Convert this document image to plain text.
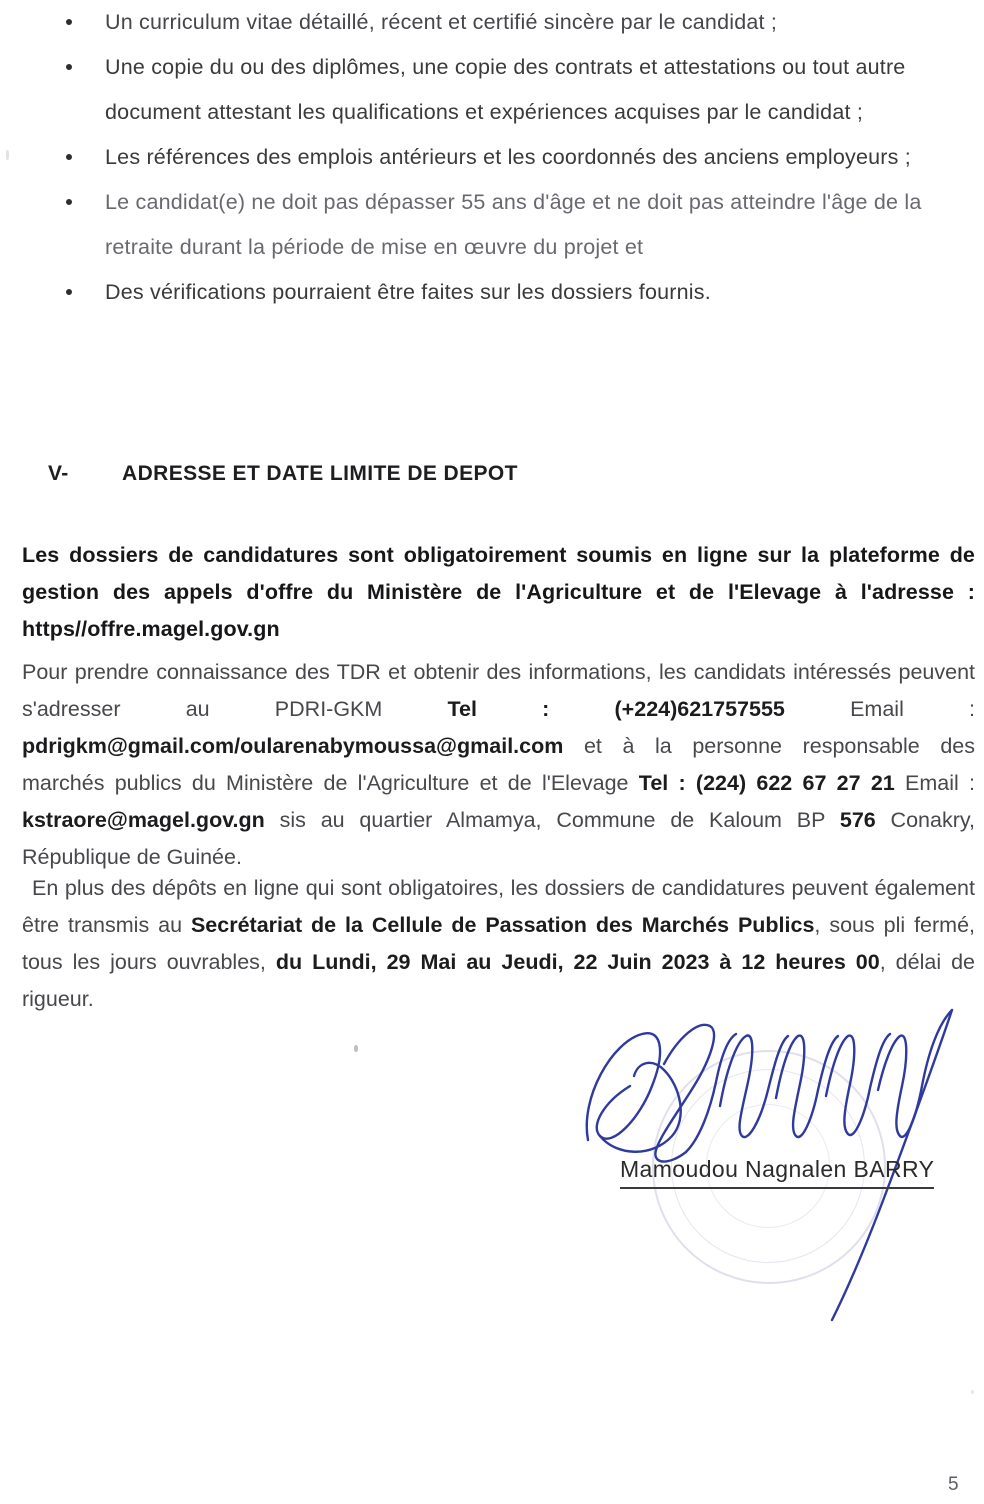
Un curriculum vitae détaillé, récent et certifié sincère par le candidat ;

Une copie du ou des diplômes, une copie des contrats et attestations ou tout autre document attestant les qualifications et expériences acquises par le candidat ;

Les références des emplois antérieurs et les coordonnés des anciens employeurs ;

Le candidat(e) ne doit pas dépasser 55 ans d'âge et ne doit pas atteindre l'âge de la retraite durant la période de mise en œuvre du projet et

Des vérifications pourraient être faites sur les dossiers fournis.

V-	ADRESSE ET DATE LIMITE DE DEPOT

Les dossiers de candidatures sont obligatoirement soumis en ligne sur la plateforme de gestion des appels d'offre du Ministère de l'Agriculture et de l'Elevage à l'adresse : https//offre.magel.gov.gn

Pour prendre connaissance des TDR et obtenir des informations, les candidats intéressés peuvent s'adresser au PDRI-GKM Tel : (+224)621757555 Email : pdrigkm@gmail.com/oularenabymoussa@gmail.com et à la personne responsable des marchés publics du Ministère de l'Agriculture et de l'Elevage Tel : (224) 622 67 27 21 Email : kstraore@magel.gov.gn sis au quartier Almamya, Commune de Kaloum BP 576 Conakry, République de Guinée.

En plus des dépôts en ligne qui sont obligatoires, les dossiers de candidatures peuvent également être transmis au Secrétariat de la Cellule de Passation des Marchés Publics, sous pli fermé, tous les jours ouvrables, du Lundi, 29 Mai au Jeudi, 22 Juin 2023 à 12 heures 00, délai de rigueur.

Mamoudou Nagnalen BARRY
5
